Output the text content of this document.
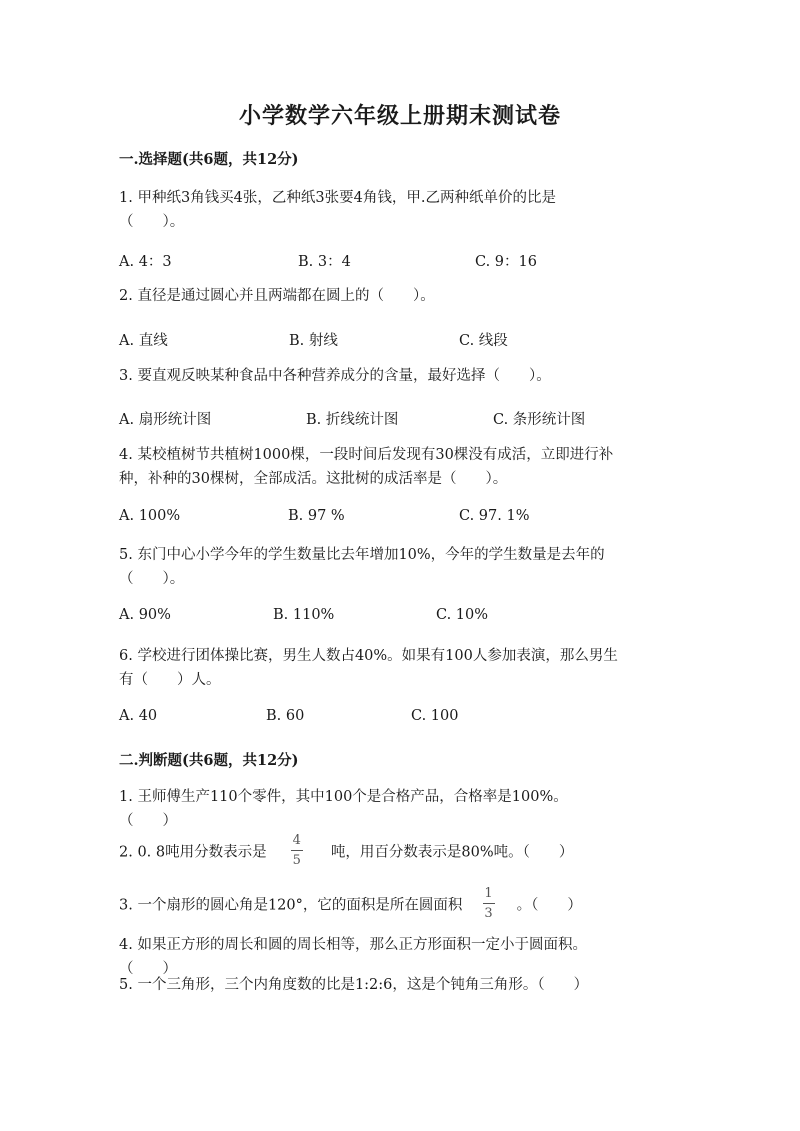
小学数学六年级上册期末测试卷
一.选择题(共6题，共12分)
1. 甲种纸3角钱买4张，乙种纸3张要4角钱，甲.乙两种纸单价的比是
（　　）。
A. 4：3	B. 3：4	C. 9：16
2. 直径是通过圆心并且两端都在圆上的（　　）。
A. 直线	B. 射线	C. 线段
3. 要直观反映某种食品中各种营养成分的含量，最好选择（　　）。
A. 扇形统计图	B. 折线统计图	C. 条形统计图
4. 某校植树节共植树1000棵，一段时间后发现有30棵没有成活，立即进行补
种，补种的30棵树，全部成活。这批树的成活率是（　　）。
A. 100%	B. 97 %	C. 97. 1%
5. 东门中心小学今年的学生数量比去年增加10%，今年的学生数量是去年的
（　　）。
A. 90%	B. 110%	C. 10%
6. 学校进行团体操比赛，男生人数占40%。如果有100人参加表演，那么男生
有（　　）人。
A. 40	B. 60	C. 100
二.判断题(共6题，共12分)
1. 王师傅生产110个零件，其中100个是合格产品，合格率是100%。
（　　）
2. 0. 8吨用分数表示是 $\frac{4}{5}$ 吨，用百分数表示是80%吨。（　　）
3. 一个扇形的圆心角是120°，它的面积是所在圆面积 $\frac{1}{3}$ 。（　　）
4. 如果正方形的周长和圆的周长相等，那么正方形面积一定小于圆面积。
（　　）
5. 一个三角形，三个内角度数的比是1:2:6，这是个钝角三角形。（　　）
